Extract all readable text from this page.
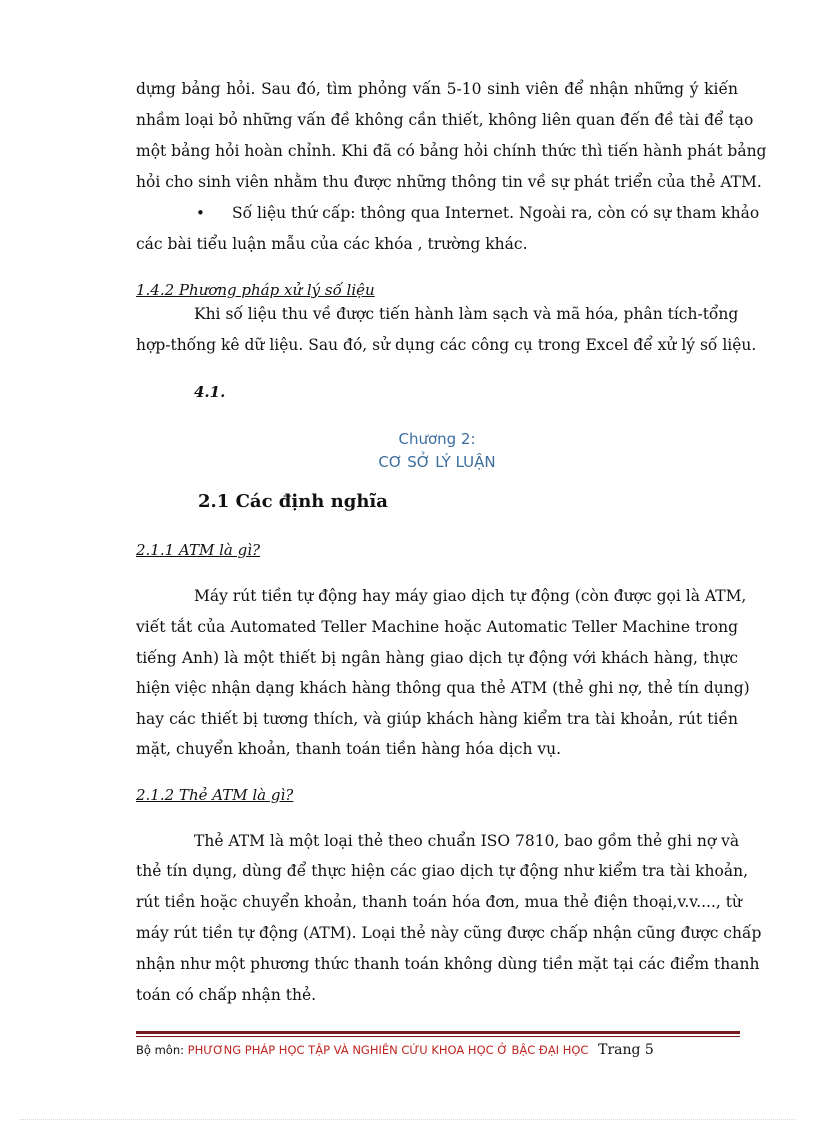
dựng bảng hỏi. Sau đó, tìm phỏng vấn 5-10 sinh viên để nhận những ý kiến
nhầm loại bỏ những vấn đề không cần thiết, không liên quan đến đề tài để tạo
một bảng hỏi hoàn chỉnh. Khi đã có bảng hỏi chính thức thì tiến hành phát bảng
hỏi cho sinh viên nhằm thu được những thông tin về sự phát triển của thẻ ATM.
• Số liệu thứ cấp: thông qua Internet. Ngoài ra, còn có sự tham khảo
các bài tiểu luận mẫu của các khóa , trường khác.
1.4.2 Phương pháp xử lý số liệu
Khi số liệu thu về được tiến hành làm sạch và mã hóa, phân tích-tổng
hợp-thống kê dữ liệu. Sau đó, sử dụng các công cụ trong Excel để xử lý số liệu.
4.1.
Chương 2:
CƠ SỞ LÝ LUẬN
2.1 Các định nghĩa
2.1.1 ATM là gì?
Máy rút tiền tự động hay máy giao dịch tự động (còn được gọi là ATM,
viết tắt của Automated Teller Machine hoặc Automatic Teller Machine trong
tiếng Anh) là một thiết bị ngân hàng giao dịch tự động với khách hàng, thực
hiện việc nhận dạng khách hàng thông qua thẻ ATM (thẻ ghi nợ, thẻ tín dụng)
hay các thiết bị tương thích, và giúp khách hàng kiểm tra tài khoản, rút tiền
mặt, chuyển khoản, thanh toán tiền hàng hóa dịch vụ.
2.1.2 Thẻ ATM là gì?
Thẻ ATM là một loại thẻ theo chuẩn ISO 7810, bao gồm thẻ ghi nợ và
thẻ tín dụng, dùng để thực hiện các giao dịch tự động như kiểm tra tài khoản,
rút tiền hoặc chuyển khoản, thanh toán hóa đơn, mua thẻ điện thoại,v.v...., từ
máy rút tiền tự động (ATM). Loại thẻ này cũng được chấp nhận cũng được chấp
nhận như một phương thức thanh toán không dùng tiền mặt tại các điểm thanh
toán có chấp nhận thẻ.
Bộ môn: PHƯƠNG PHÁP HỌC TẬP VÀ NGHIÊN CỨU KHOA HỌC Ở BẬC ĐẠI HỌC Trang 5
